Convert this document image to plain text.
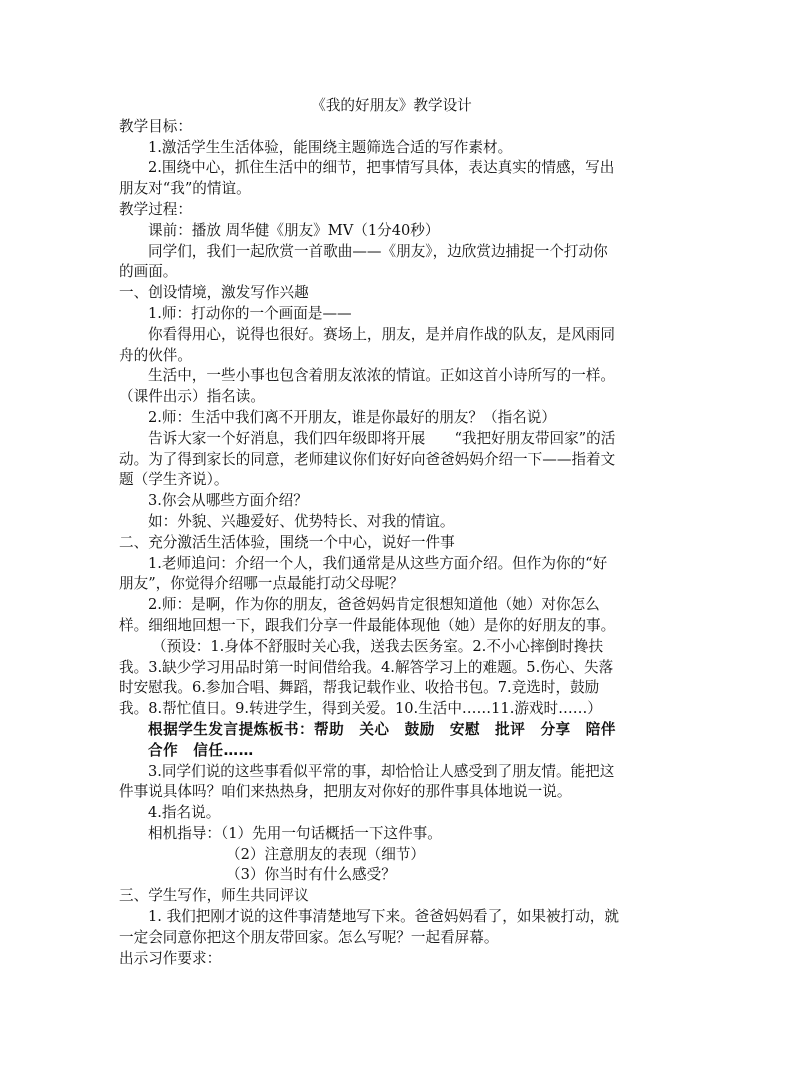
《我的好朋友》教学设计

教学目标：

1.激活学生生活体验，能围绕主题筛选合适的写作素材。

2.围绕中心，抓住生活中的细节，把事情写具体，表达真实的情感，写出

朋友对“我”的情谊。

教学过程：

课前：播放 周华健《朋友》MV（1分40秒）

同学们，我们一起欣赏一首歌曲——《朋友》，边欣赏边捕捉一个打动你

的画面。

一、创设情境，激发写作兴趣

1.师：打动你的一个画面是——

你看得用心，说得也很好。赛场上，朋友，是并肩作战的队友，是风雨同

舟的伙伴。

生活中，一些小事也包含着朋友浓浓的情谊。正如这首小诗所写的一样。

（课件出示）指名读。

2.师：生活中我们离不开朋友，谁是你最好的朋友？（指名说）

告诉大家一个好消息，我们四年级即将开展　　“我把好朋友带回家”的活

动。为了得到家长的同意，老师建议你们好好向爸爸妈妈介绍一下——指着文

题（学生齐说）。

3.你会从哪些方面介绍？

如：外貌、兴趣爱好、优势特长、对我的情谊。

二、充分激活生活体验，围绕一个中心，说好一件事

1.老师追问：介绍一个人，我们通常是从这些方面介绍。但作为你的“好

朋友”，你觉得介绍哪一点最能打动父母呢？

2.师：是啊，作为你的朋友，爸爸妈妈肯定很想知道他（她）对你怎么

样。细细地回想一下，跟我们分享一件最能体现他（她）是你的好朋友的事。

（预设：1.身体不舒服时关心我，送我去医务室。2.不小心摔倒时搀扶

我。3.缺少学习用品时第一时间借给我。4.解答学习上的难题。5.伤心、失落

时安慰我。6.参加合唱、舞蹈，帮我记载作业、收拾书包。7.竞选时，鼓励

我。8.帮忙值日。9.转进学生，得到关爱。10.生活中……11.游戏时……）

根据学生发言提炼板书：帮助　关心　鼓励　安慰　批评　分享　陪伴

合作　信任……

3.同学们说的这些事看似平常的事，却恰恰让人感受到了朋友情。能把这

件事说具体吗？咱们来热热身，把朋友对你好的那件事具体地说一说。

4.指名说。

相机指导：（1）先用一句话概括一下这件事。

（2）注意朋友的表现（细节）

（3）你当时有什么感受？

三、学生写作，师生共同评议

1. 我们把刚才说的这件事清楚地写下来。爸爸妈妈看了，如果被打动，就

一定会同意你把这个朋友带回家。怎么写呢？一起看屏幕。

出示习作要求：
